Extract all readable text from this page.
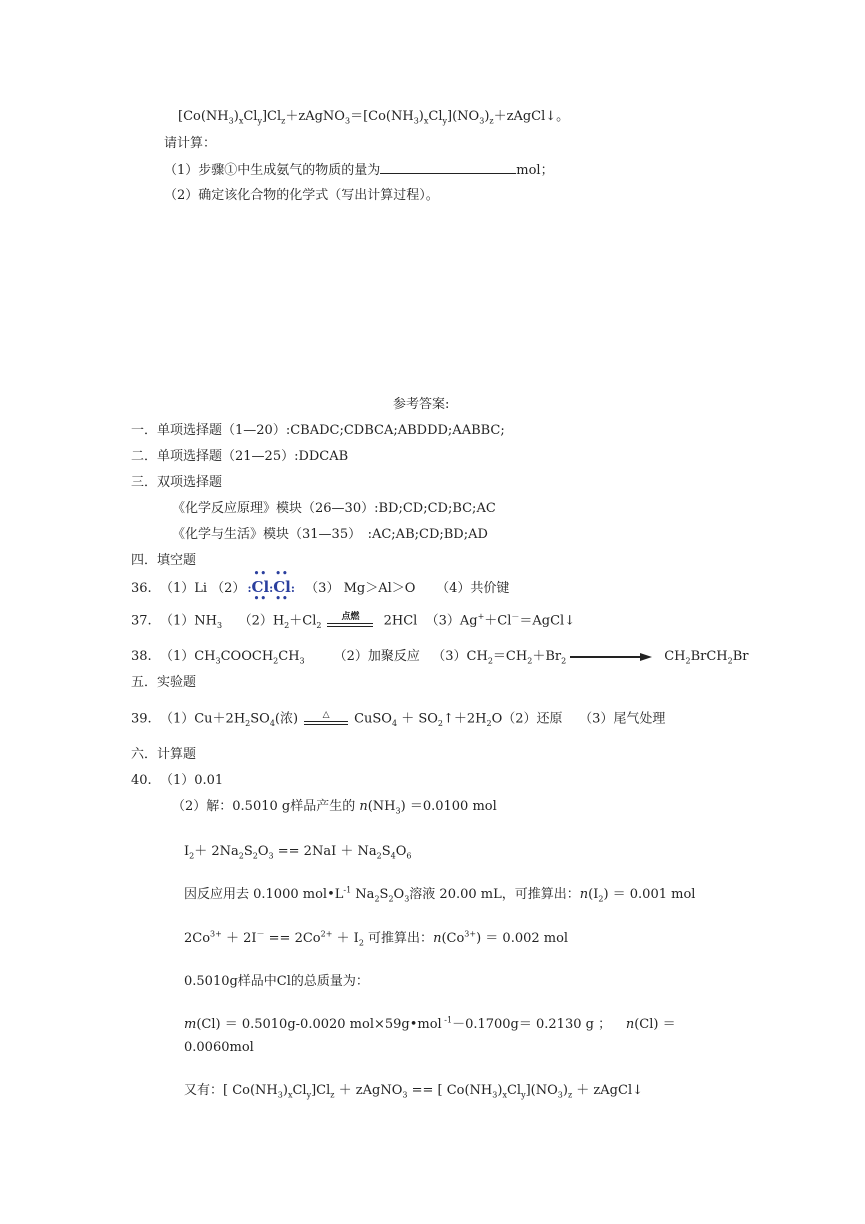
$[Co(NH_3)_xCl_y]Cl_z+zAgNO_3=[Co(NH_3)_xCl_y](NO_3)_z+zAgCl↓$。
请计算：
（1）步骤①中生成氨气的物质的量为	mol；
（2）确定该化合物的化学式（写出计算过程）。
参考答案:
一．单项选择题（1—20）:CBADC;CDBCA;ABDDD;AABBC;
二．单项选择题（21—25）:DDCAB
三．双项选择题
《化学反应原理》模块（26—30）:BD;CD;CD;BC;AC
《化学与生活》模块（31—35）　:AC;AB;CD;BD;AD
四．填空题
36. （1）Li （2） :
••
Cl
••
:
••
Cl
••
: （3） Mg＞Al＞O （4）共价键
37. $(1)NH_3$ $(2)H_2+Cl_2$
点燃	2HCl （3）Ag+＋Cl－＝AgCl↓
38. $(1)CH_3COOCH_2CH_3$ （2）加聚反应 $(3)CH_2=CH_2+Br_2$	$CH_2BrCH_2Br$
五．实验题
39. $(1)Cu+2H_2SO_4$(浓)	△	CuSO$_4$ ＋ $SO_2↑+2H_2O(2)$还原 （3）尾气处理
六．计算题
40. （1）0.01
（2）解：0.5010 g样品产生的 $n(NH_3) =0.0100$ mol
$I_2+ 2Na_2S_2O_3 == 2NaI + Na_2S_4O_6$
因反应用去 0.1000 $mol•L^{-1}$ $Na_2S_2O_3$溶液 20.00 mL，可推算出：$n(I_2) = 0.001$ mol
$2Co^{3+} + 2I^- == 2Co^{2+} + I_2$ 可推算出：$n(Co^{3+}) = 0.002$ mol
0.5010g样品中Cl的总质量为：
m(Cl) ＝ 0.5010g-0.0020 mol×59g•mol $^{-1}$－0.1700g＝ 0.2130 g ；　  n(Cl) ＝
0.0060mol
又有：[ $Co(NH_3)_xCl_y]Cl_z$ ＋ zAgNO$_3$ == [ $Co(NH_3)_xCl_y](NO_3)_z$ ＋ zAgCl↓
